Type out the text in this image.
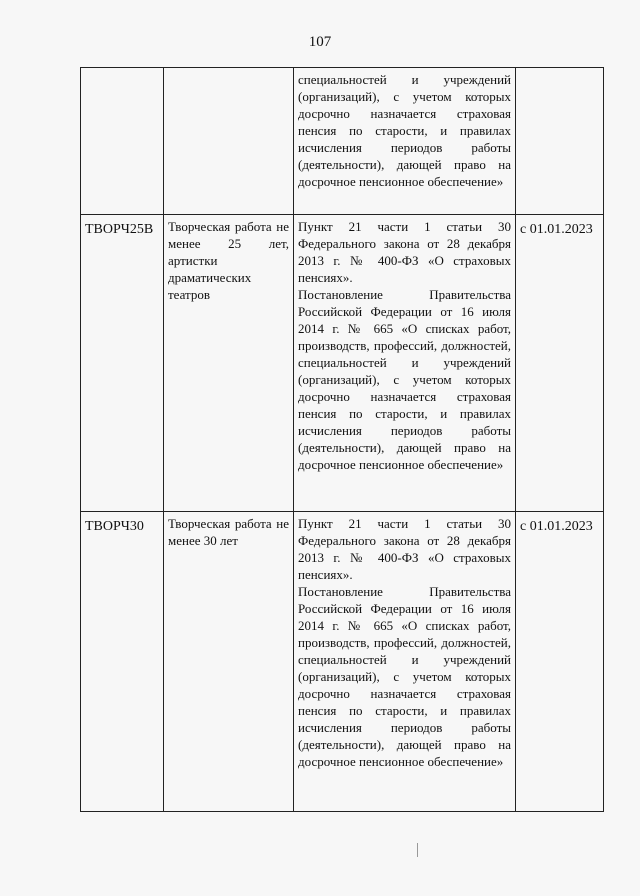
107

		специальностей и учреждений (организаций), с учетом которых досрочно назначается страховая пенсия по старости, и правилах исчисления периодов работы (деятельности), дающей право на досрочное пенсионное обеспечение»	

ТВОРЧ25В	Творческая работа не менее 25 лет, артистки драматических театров	Пункт 21 части 1 статьи 30 Федерального закона от 28 декабря 2013 г. № 400-ФЗ «О страховых пенсиях».

Постановление Правительства Российской Федерации от 16 июля 2014 г. № 665 «О списках работ, производств, профессий, должностей, специальностей и учреждений (организаций), с учетом которых досрочно назначается страховая пенсия по старости, и правилах исчисления периодов работы (деятельности), дающей право на досрочное пенсионное обеспечение»	с 01.01.2023
ТВОРЧ30	Творческая работа не менее 30 лет	Пункт 21 части 1 статьи 30 Федерального закона от 28 декабря 2013 г. № 400-ФЗ «О страховых пенсиях».

Постановление Правительства Российской Федерации от 16 июля 2014 г. № 665 «О списках работ, производств, профессий, должностей, специальностей и учреждений (организаций), с учетом которых досрочно назначается страховая пенсия по старости, и правилах исчисления периодов работы (деятельности), дающей право на досрочное пенсионное обеспечение»	с 01.01.2023
